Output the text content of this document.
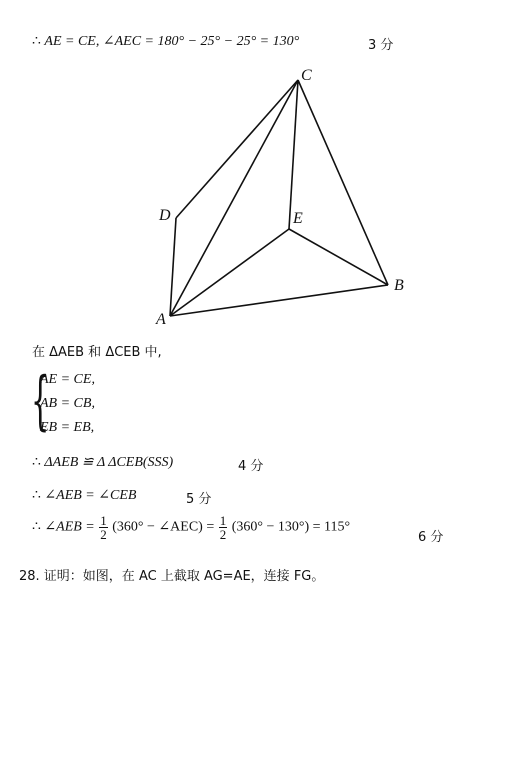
∴ AE = CE, ∠AEC = 180° − 25° − 25° = 130°	3 分
C
D	E
B
A
在 ΔAEB 和 ΔCEB 中,
{
AE = CE,
AB = CB,
EB = EB,
∴ ΔAEB ≌ Δ ΔCEB(SSS)	4 分
∴ ∠AEB = ∠CEB	5 分
∴ ∠AEB = $\frac{1}{2} (360^\circ$ − ∠AEC) = $\frac{1}{2} (360^\circ - 130^\circ) = 115^\circ$
6 分
28. 证明：如图，在 AC 上截取 AG=AE，连接 FG。
